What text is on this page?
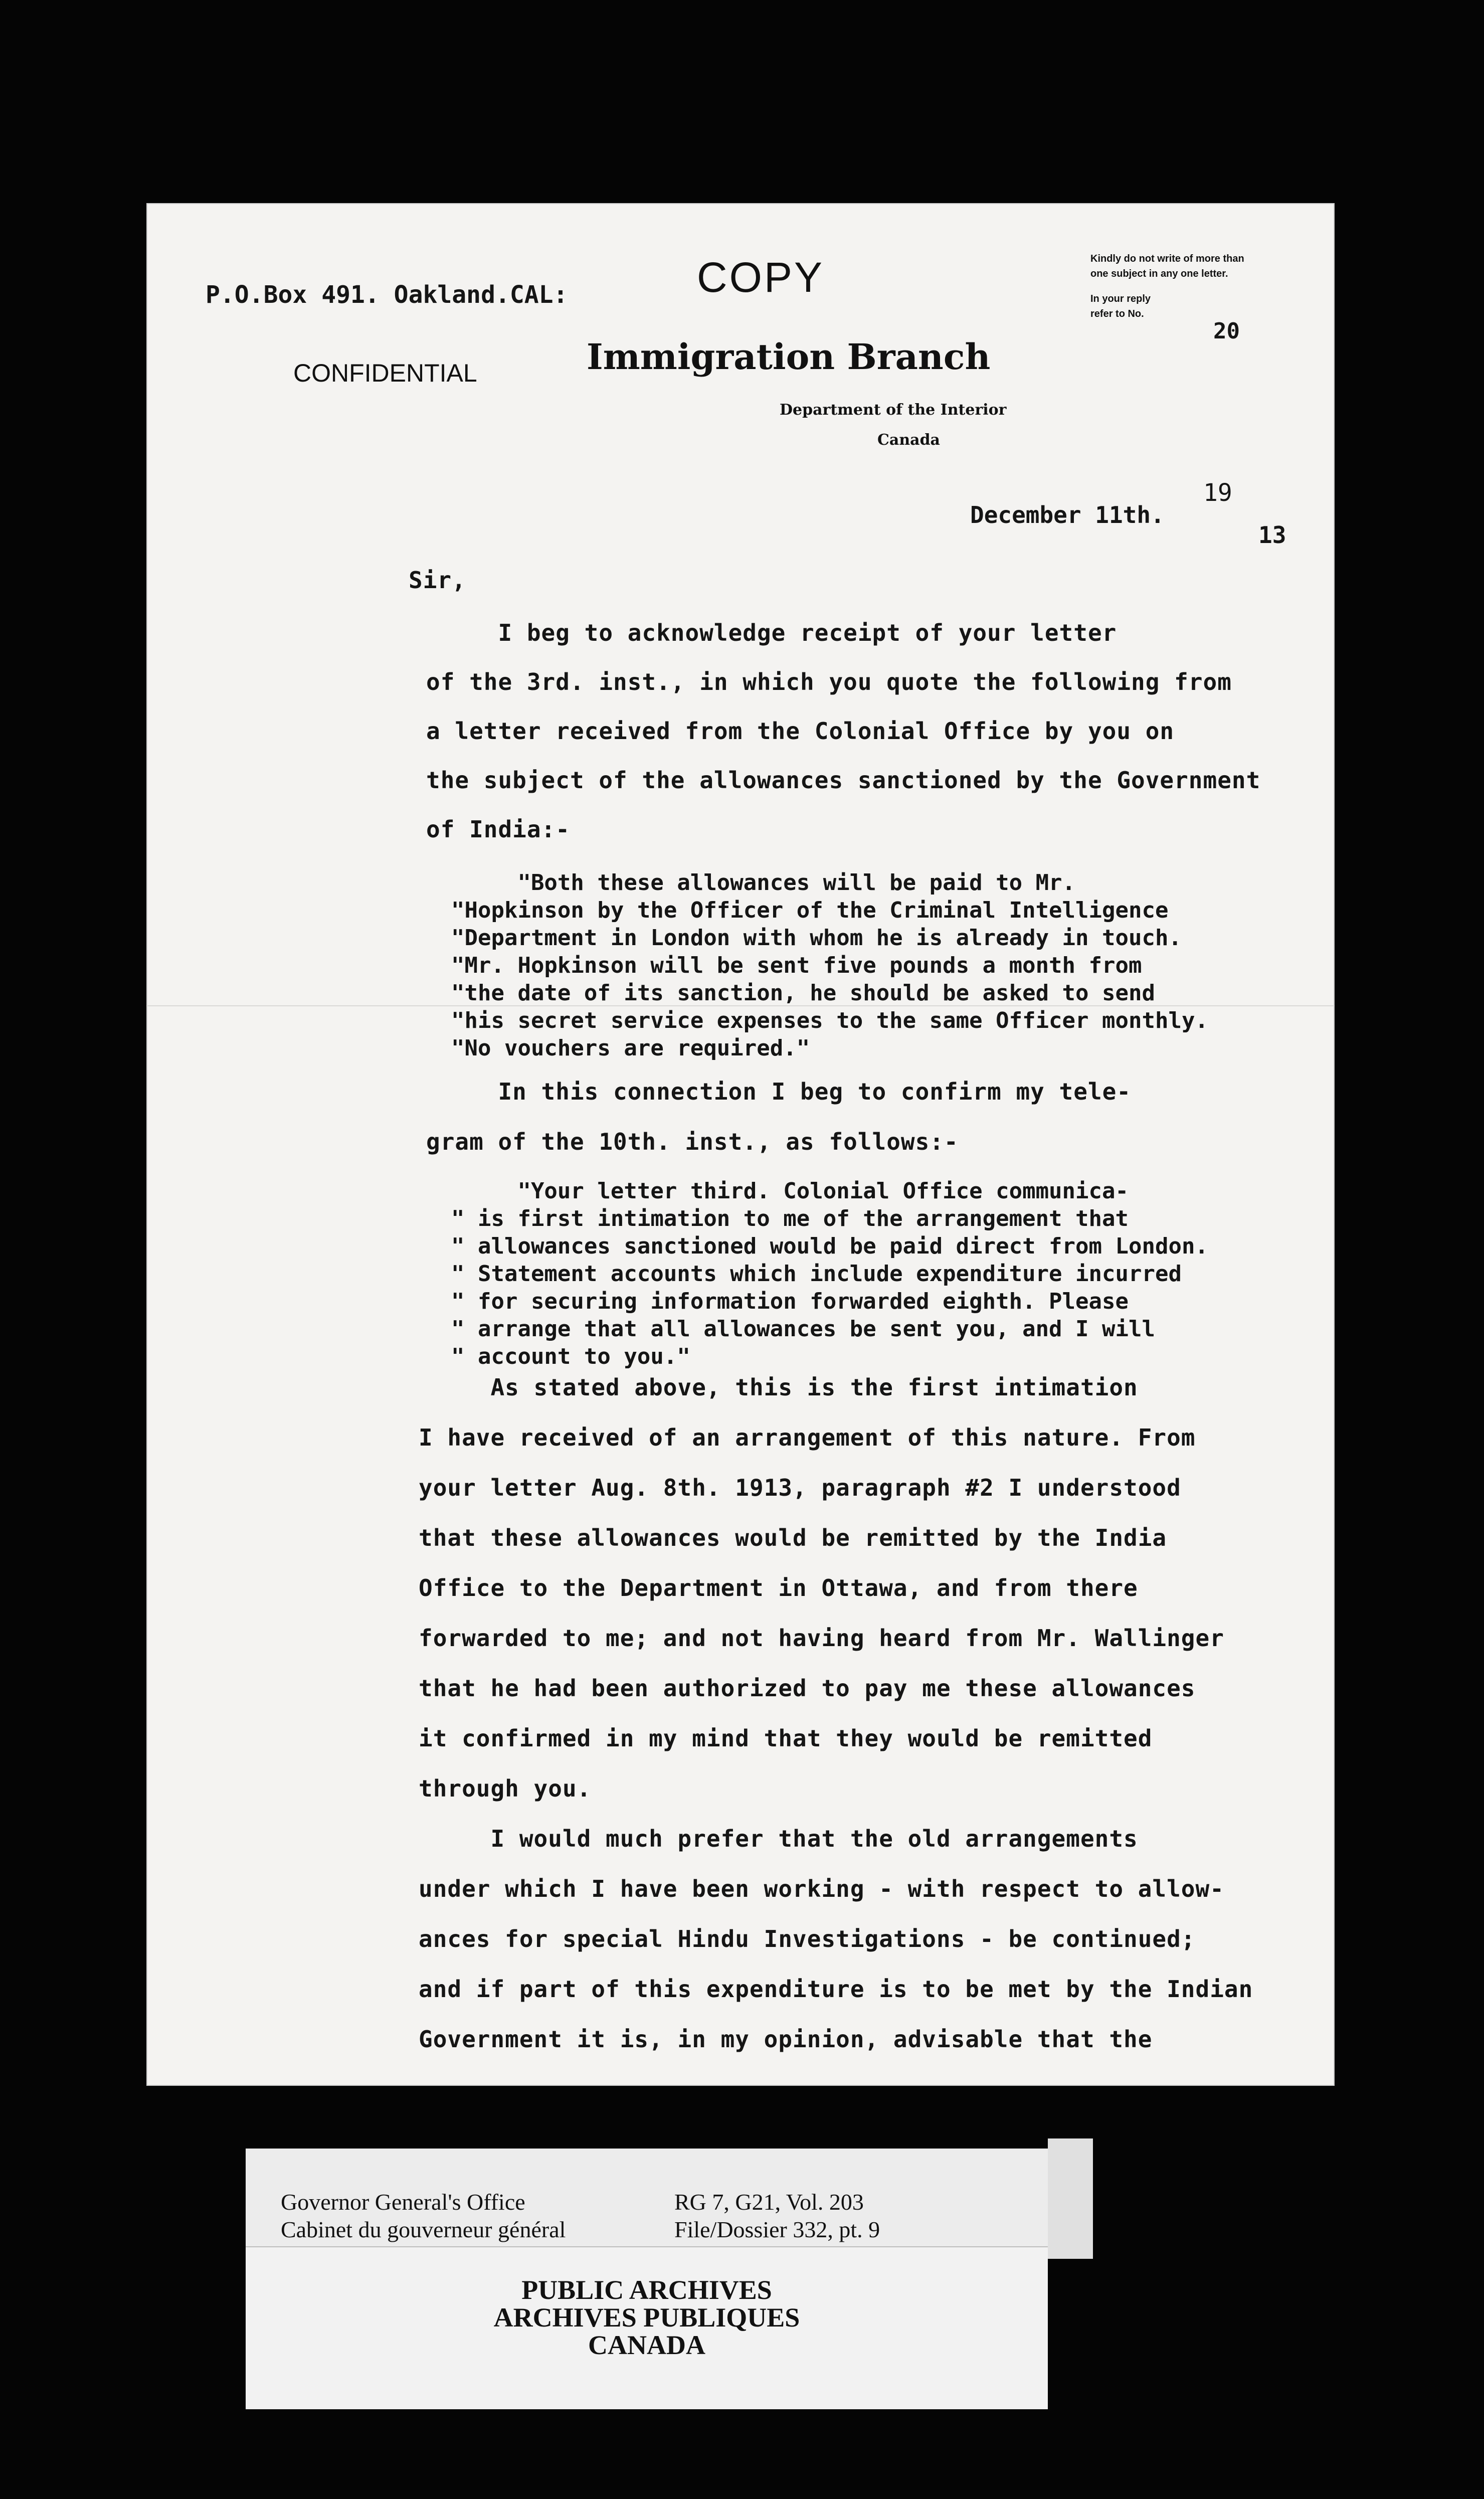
P.O.Box 491. Oakland.CAL:	COPY
CONFIDENTIAL	Immigration Branch
Department of the Interior
Canada
Kindly do not write of more than
one subject in any one letter.
In your reply
refer to No.
20
December 11th.
19
13
Sir,
I beg to acknowledge receipt of your letter
of the 3rd. inst., in which you quote the following from
a letter received from the Colonial Office by you on
the subject of the allowances sanctioned by the Government
of India:-
"Both these allowances will be paid to Mr.
"Hopkinson by the Officer of the Criminal Intelligence
"Department in London with whom he is already in touch.
"Mr. Hopkinson will be sent five pounds a month from
"the date of its sanction, he should be asked to send
"his secret service expenses to the same Officer monthly.
"No vouchers are required."
In this connection I beg to confirm my tele-
gram of the 10th. inst., as follows:-
"Your letter third. Colonial Office communica-
" is first intimation to me of the arrangement that
" allowances sanctioned would be paid direct from London.
" Statement accounts which include expenditure incurred
" for securing information forwarded eighth. Please
" arrange that all allowances be sent you, and I will
" account to you."
As stated above, this is the first intimation
I have received of an arrangement of this nature. From
your letter Aug. 8th. 1913, paragraph #2 I understood
that these allowances would be remitted by the India
Office to the Department in Ottawa, and from there
forwarded to me; and not having heard from Mr. Wallinger
that he had been authorized to pay me these allowances
it confirmed in my mind that they would be remitted
through you.
I would much prefer that the old arrangements
under which I have been working - with respect to allow-
ances for special Hindu Investigations - be continued;
and if part of this expenditure is to be met by the Indian
Government it is, in my opinion, advisable that the
Governor General's Office
Cabinet du gouverneur général
RG 7, G21, Vol. 203
File/Dossier 332, pt. 9
PUBLIC ARCHIVES
ARCHIVES PUBLIQUES
CANADA
